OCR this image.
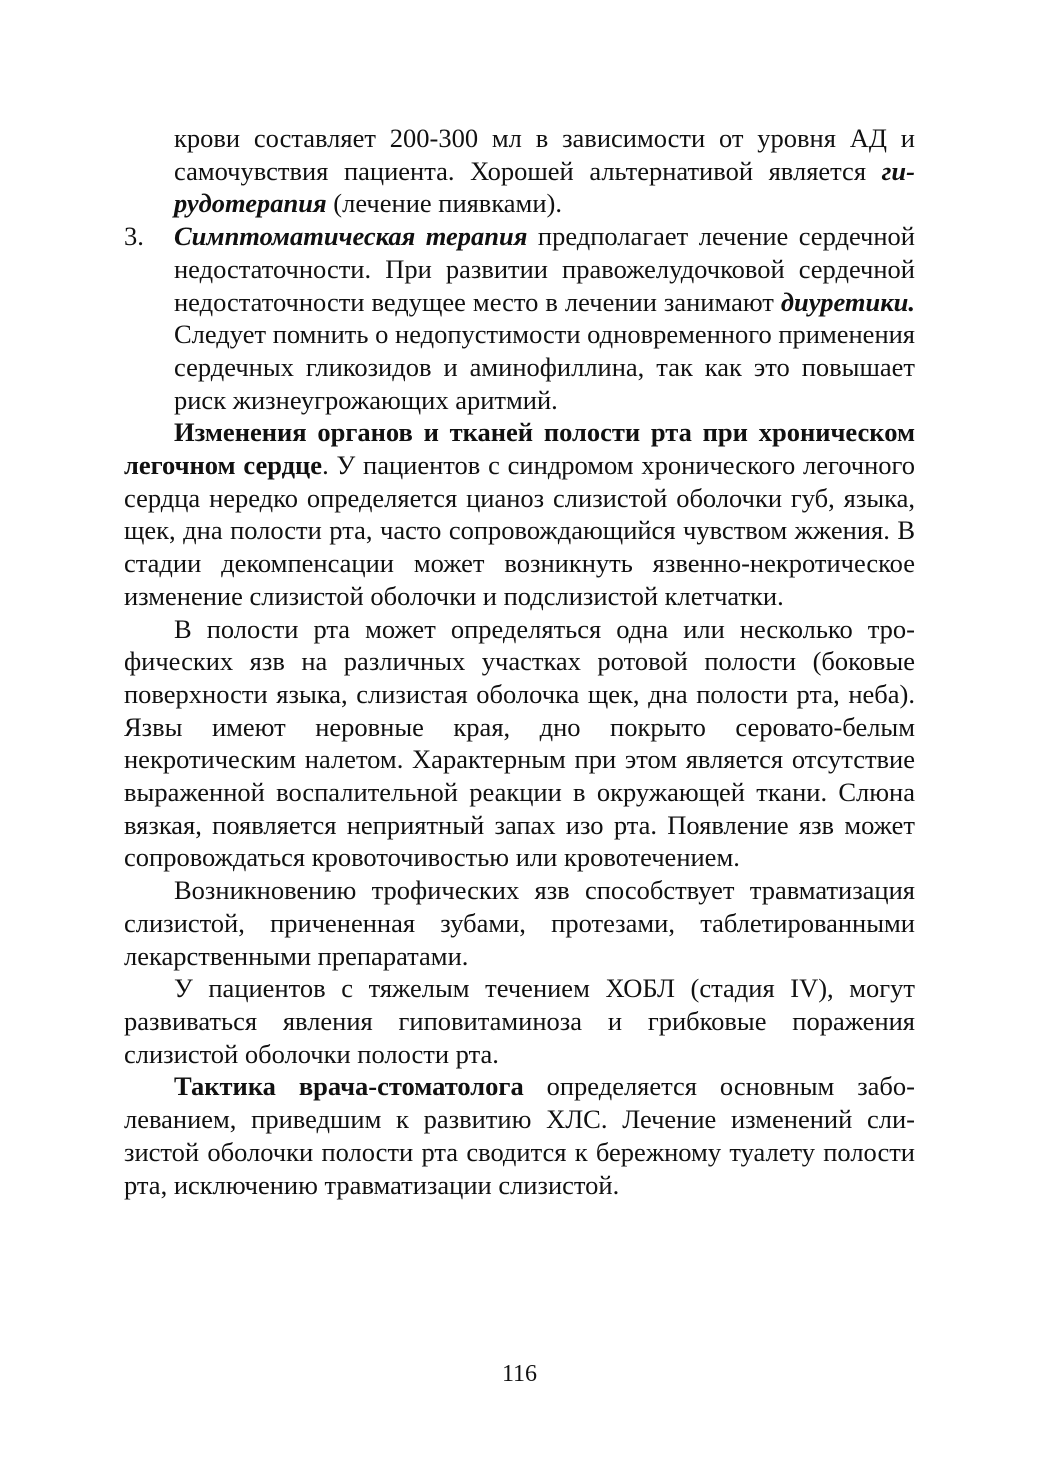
крови составляет 200-300 мл в зависимости от уровня АД и самочувствия пациента. Хорошей альтернативой является гирудотерапия (лечение пиявками).

3. Симптоматическая терапия предполагает лечение сердечной недостаточности. При развитии правожелудочковой сердечной недостаточности ведущее место в лечении занимают диуретики. Следует помнить о недопустимости одновременного применения сердечных гликозидов и аминофиллина, так как это повышает риск жизнеугрожающих аритмий.

Изменения органов и тканей полости рта при хроническом легочном сердце. У пациентов с синдромом хронического легочного сердца нередко определяется цианоз слизистой оболочки губ, языка, щек, дна полости рта, часто сопровождающийся чувством жжения. В стадии декомпенсации может возникнуть язвенно-некротическое изменение слизистой оболочки и подслизистой клетчатки.

В полости рта может определяться одна или несколько трофических язв на различных участках ротовой полости (боковые поверхности языка, слизистая оболочка щек, дна полости рта, неба). Язвы имеют неровные края, дно покрыто серовато-белым некротическим налетом. Характерным при этом является отсутствие выраженной воспалительной реакции в окружающей ткани. Слюна вязкая, появляется неприятный запах изо рта. Появление язв может сопровождаться кровоточивостью или кровотечением.

Возникновению трофических язв способствует травматизация слизистой, причененная зубами, протезами, таблетированными лекарственными препаратами.

У пациентов с тяжелым течением ХОБЛ (стадия IV), могут развиваться явления гиповитаминоза и грибковые поражения слизистой оболочки полости рта.

Тактика врача-стоматолога определяется основным заболеванием, приведшим к развитию ХЛС. Лечение изменений слизистой оболочки полости рта сводится к бережному туалету полости рта, исключению травматизации слизистой.

116
